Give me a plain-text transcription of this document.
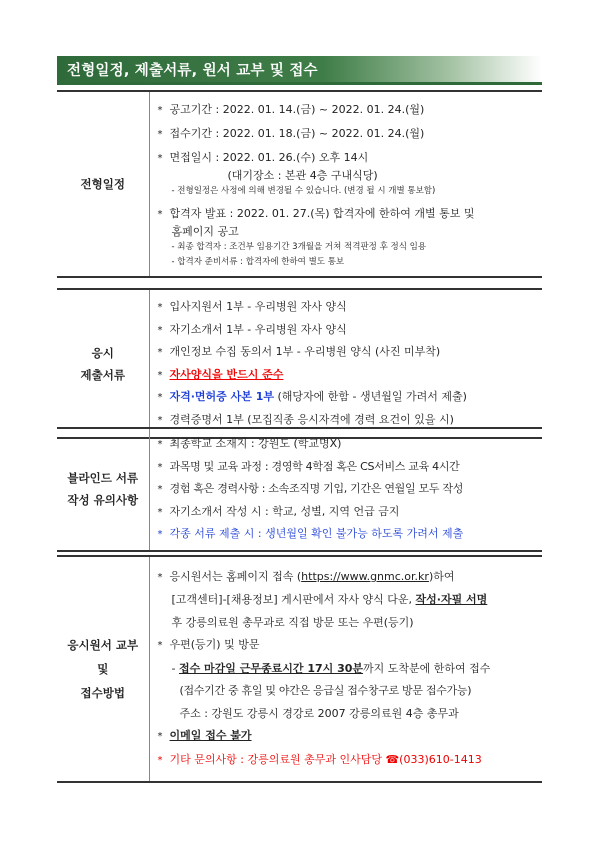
전형일정, 제출서류, 원서 교부 및 접수
전형일정	
* 공고기간 : 2022. 01. 14.(금) ~ 2022. 01. 24.(월)
* 접수기간 : 2022. 01. 18.(금) ~ 2022. 01. 24.(월)
* 면접일시 : 2022. 01. 26.(수) 오후 14시
(대기장소 : 본관 4층 구내식당)
- 전형일정은 사정에 의해 변경될 수 있습니다. (변경 될 시 개별 통보함)
* 합격자 발표 : 2022. 01. 27.(목) 합격자에 한하여 개별 통보 및
홈페이지 공고
- 최종 합격자 : 조건부 임용기간 3개월을 거쳐 적격판정 후 정식 임용
- 합격자 준비서류 : 합격자에 한하여 별도 통보
응시
제출서류

* 입사지원서 1부 - 우리병원 자사 양식
* 자기소개서 1부 - 우리병원 자사 양식
* 개인정보 수집 동의서 1부 - 우리병원 양식 (사진 미부착)
* 자사양식을 반드시 준수
* 자격·면허증 사본 1부 (해당자에 한함 - 생년월일 가려서 제출)
* 경력증명서 1부 (모집직종 응시자격에 경력 요건이 있을 시)
블라인드 서류
작성 유의사항

* 최종학교 소재지 : 강원도 (학교명X)
* 과목명 및 교육 과정 : 경영학 4학점 혹은 CS서비스 교육 4시간
* 경험 혹은 경력사항 : 소속조직명 기입, 기간은 연월일 모두 작성
* 자기소개서 작성 시 : 학교, 성별, 지역 언급 금지
* 각종 서류 제출 시 : 생년월일 확인 불가능 하도록 가려서 제출
응시원서 교부
및
접수방법

* 응시원서는 홈페이지 접속 (https://www.gnmc.or.kr)하여
[고객센터]-[채용정보] 게시판에서 자사 양식 다운, 작성·자필 서명
후 강릉의료원 총무과로 직접 방문 또는 우편(등기)
* 우편(등기) 및 방문
- 접수 마감일 근무종료시간 17시 30분까지 도착분에 한하여 접수
(접수기간 중 휴일 및 야간은 응급실 접수창구로 방문 접수가능)
주소 : 강원도 강릉시 경강로 2007 강릉의료원 4층 총무과
* 이메일 접수 불가
* 기타 문의사항 : 강릉의료원 총무과 인사담당 ☎(033)610-1413
